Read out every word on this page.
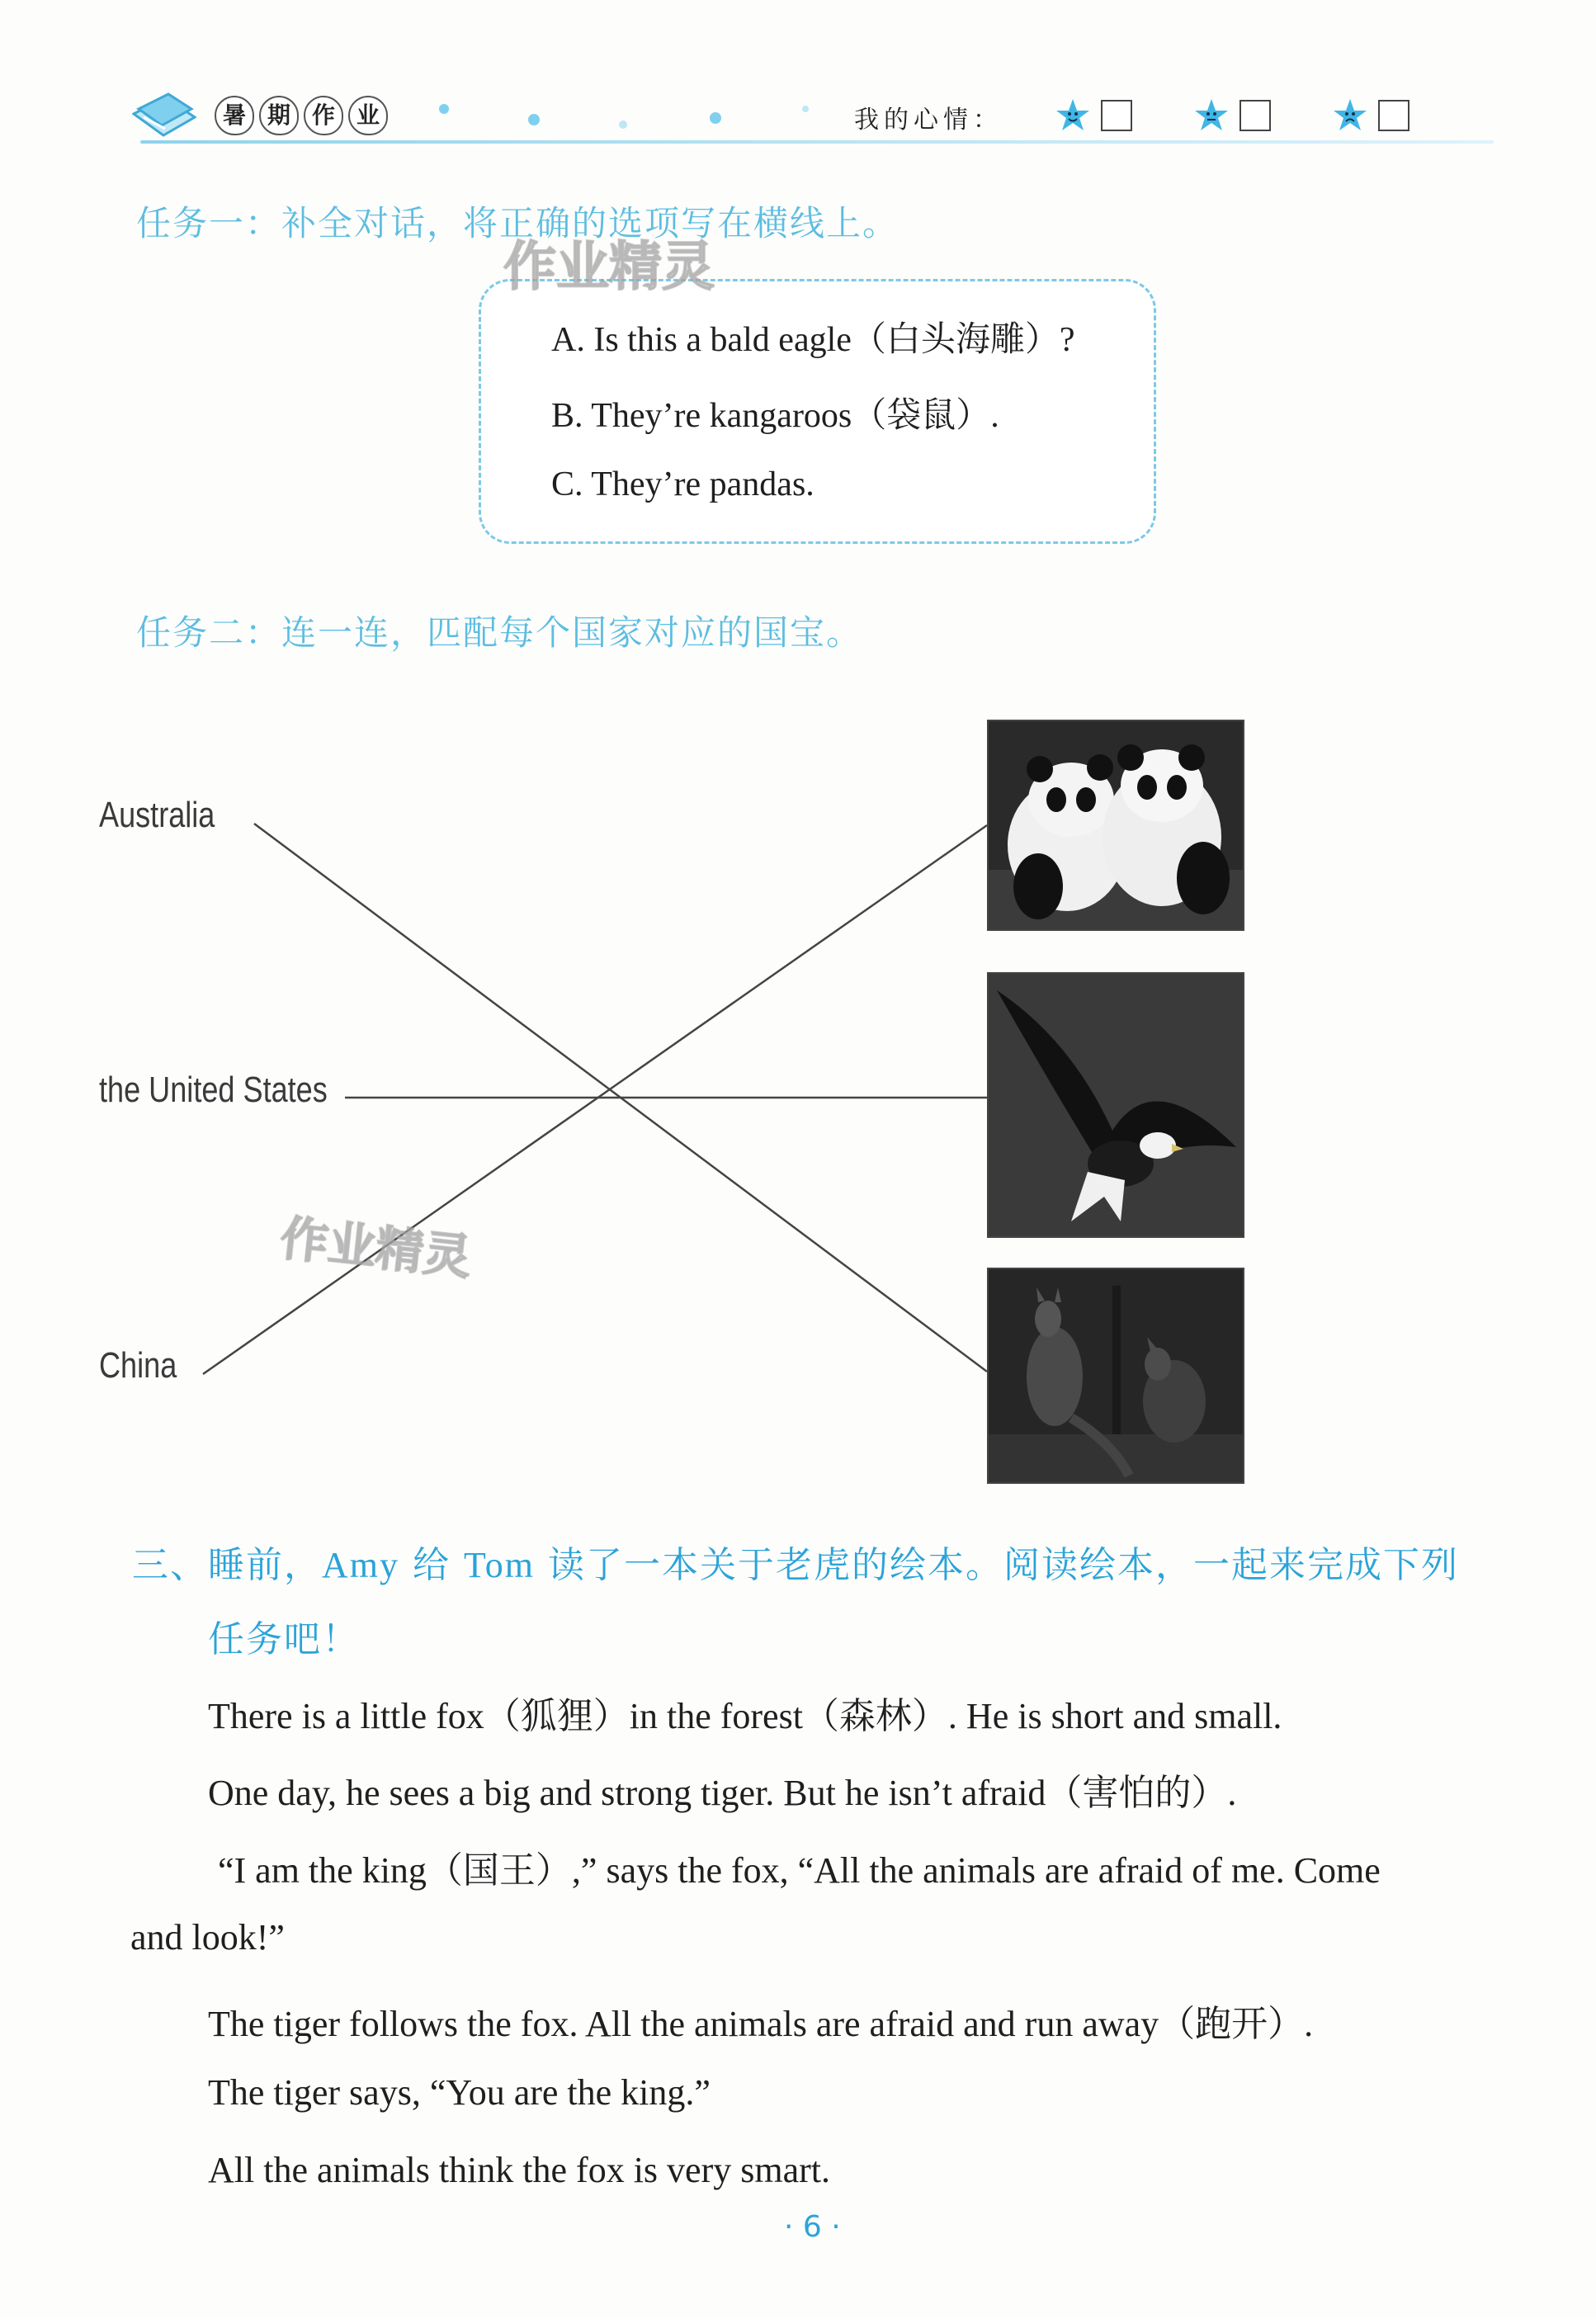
暑 期 作 业	我的心情：
任务一：补全对话，将正确的选项写在横线上。
A. Is this a bald eagle（白头海雕）?
B. They’re kangaroos（袋鼠）.
C. They’re pandas.
作业精灵
任务二：连一连，匹配每个国家对应的国宝。
Australia
the United States
China
作业精灵
三、睡前，Amy 给 Tom 读了一本关于老虎的绘本。阅读绘本，一起来完成下列
任务吧！
There is a little fox（狐狸）in the forest（森林）. He is short and small.
One day, he sees a big and strong tiger. But he isn’t afraid（害怕的）.
“I am the king（国王）,” says the fox, “All the animals are afraid of me. Come
and look!”
The tiger follows the fox. All the animals are afraid and run away（跑开）.
The tiger says, “You are the king.”
All the animals think the fox is very smart.
· 6 ·
